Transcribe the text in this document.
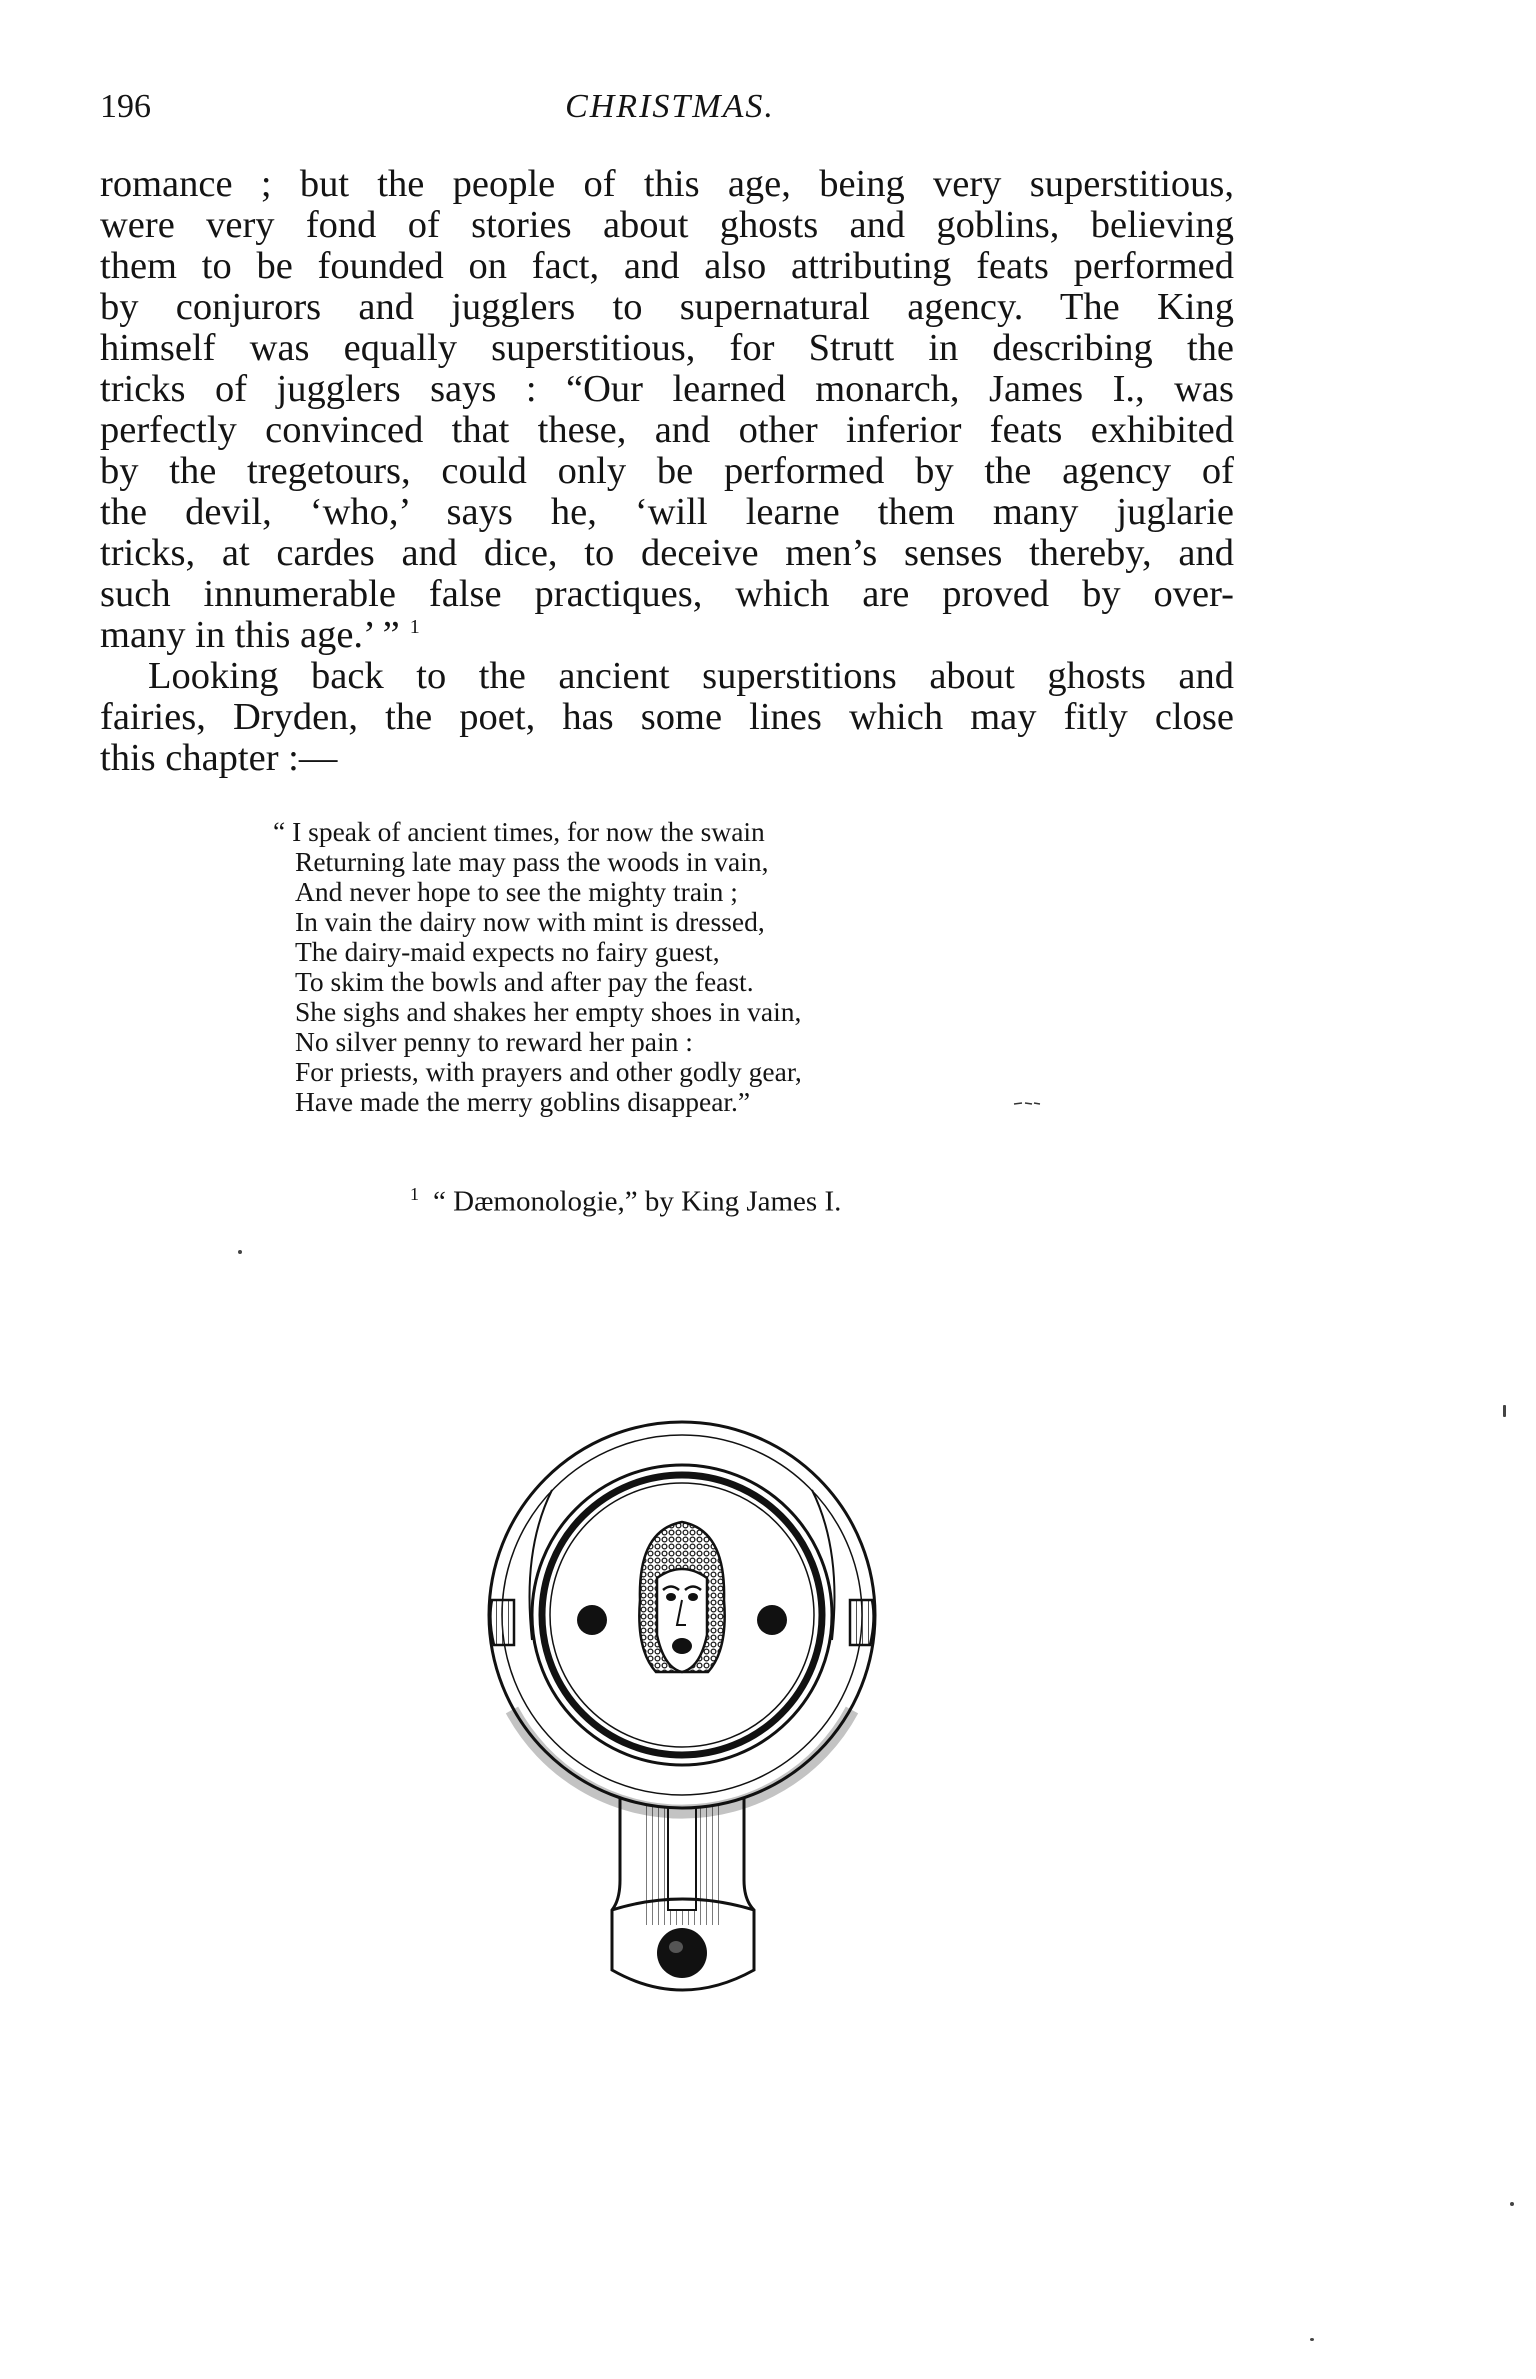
196	CHRISTMAS.
romance ; but the people of this age, being very superstitious,
were very fond of stories about ghosts and goblins, believing
them to be founded on fact, and also attributing feats performed
by conjurors and jugglers to supernatural agency. The King
himself was equally superstitious, for Strutt in describing the
tricks of jugglers says : “Our learned monarch, James I., was
perfectly convinced that these, and other inferior feats exhibited
by the tregetours, could only be performed by the agency of
the devil, ‘who,’ says he, ‘will learne them many juglarie
tricks, at cardes and dice, to deceive men’s senses thereby, and
such innumerable false practiques, which are proved by over-
many in this age.’ ” $^1$
Looking back to the ancient superstitions about ghosts and
fairies, Dryden, the poet, has some lines which may fitly close
this chapter :—
“ I speak of ancient times, for now the swain
Returning late may pass the woods in vain,
And never hope to see the mighty train ;
In vain the dairy now with mint is dressed,
The dairy-maid expects no fairy guest,
To skim the bowls and after pay the feast.
She sighs and shakes her empty shoes in vain,
No silver penny to reward her pain :
For priests, with prayers and other godly gear,
Have made the merry goblins disappear.”
$^1$ “ Dæmonologie,” by King James I.
